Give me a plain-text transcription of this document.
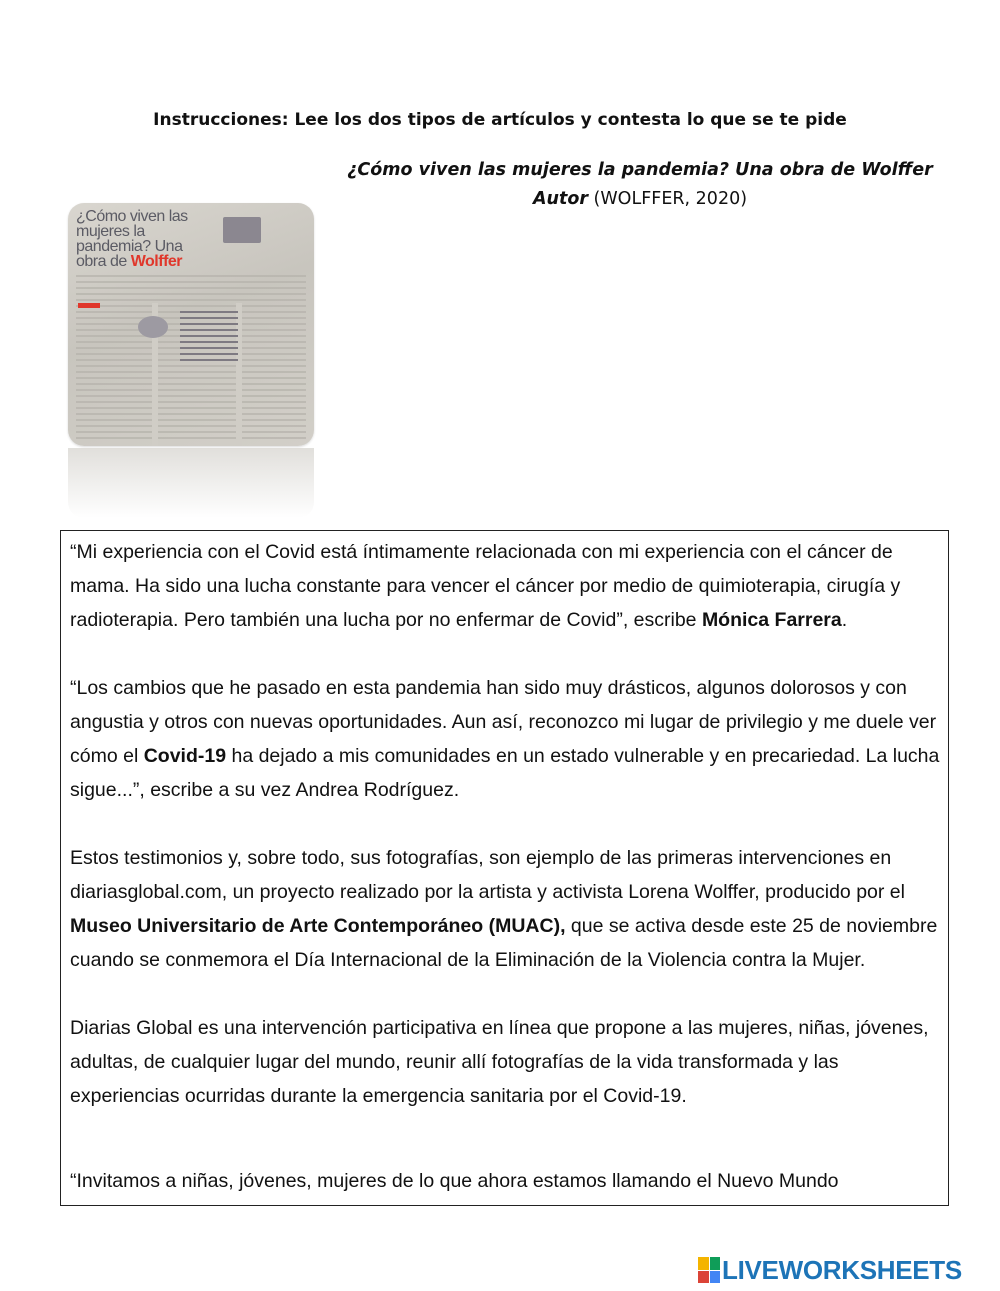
Instrucciones: Lee los dos tipos de artículos y contesta lo que se te pide
¿Cómo viven las mujeres la pandemia? Una obra de Wolffer
Autor (WOLFFER, 2020)
¿Cómo viven las mujeres la pandemia? Una obra de Wolffer

“Mi experiencia con el Covid está íntimamente relacionada con mi experiencia con el cáncer de mama. Ha sido una lucha constante para vencer el cáncer por medio de quimioterapia, cirugía y radioterapia. Pero también una lucha por no enfermar de Covid”, escribe Mónica Farrera.

“Los cambios que he pasado en esta pandemia han sido muy drásticos, algunos dolorosos y con angustia y otros con nuevas oportunidades. Aun así, reconozco mi lugar de privilegio y me duele ver cómo el Covid-19 ha dejado a mis comunidades en un estado vulnerable y en precariedad. La lucha sigue...”, escribe a su vez Andrea Rodríguez.

Estos testimonios y, sobre todo, sus fotografías, son ejemplo de las primeras intervenciones en diariasglobal.com, un proyecto realizado por la artista y activista Lorena Wolffer, producido por el Museo Universitario de Arte Contemporáneo (MUAC), que se activa desde este 25 de noviembre cuando se conmemora el Día Internacional de la Eliminación de la Violencia contra la Mujer.

Diarias Global es una intervención participativa en línea que propone a las mujeres, niñas, jóvenes, adultas, de cualquier lugar del mundo, reunir allí fotografías de la vida transformada y las experiencias ocurridas durante la emergencia sanitaria por el Covid-19.

“Invitamos a niñas, jóvenes, mujeres de lo que ahora estamos llamando el Nuevo Mundo

LIVEWORKSHEETS
